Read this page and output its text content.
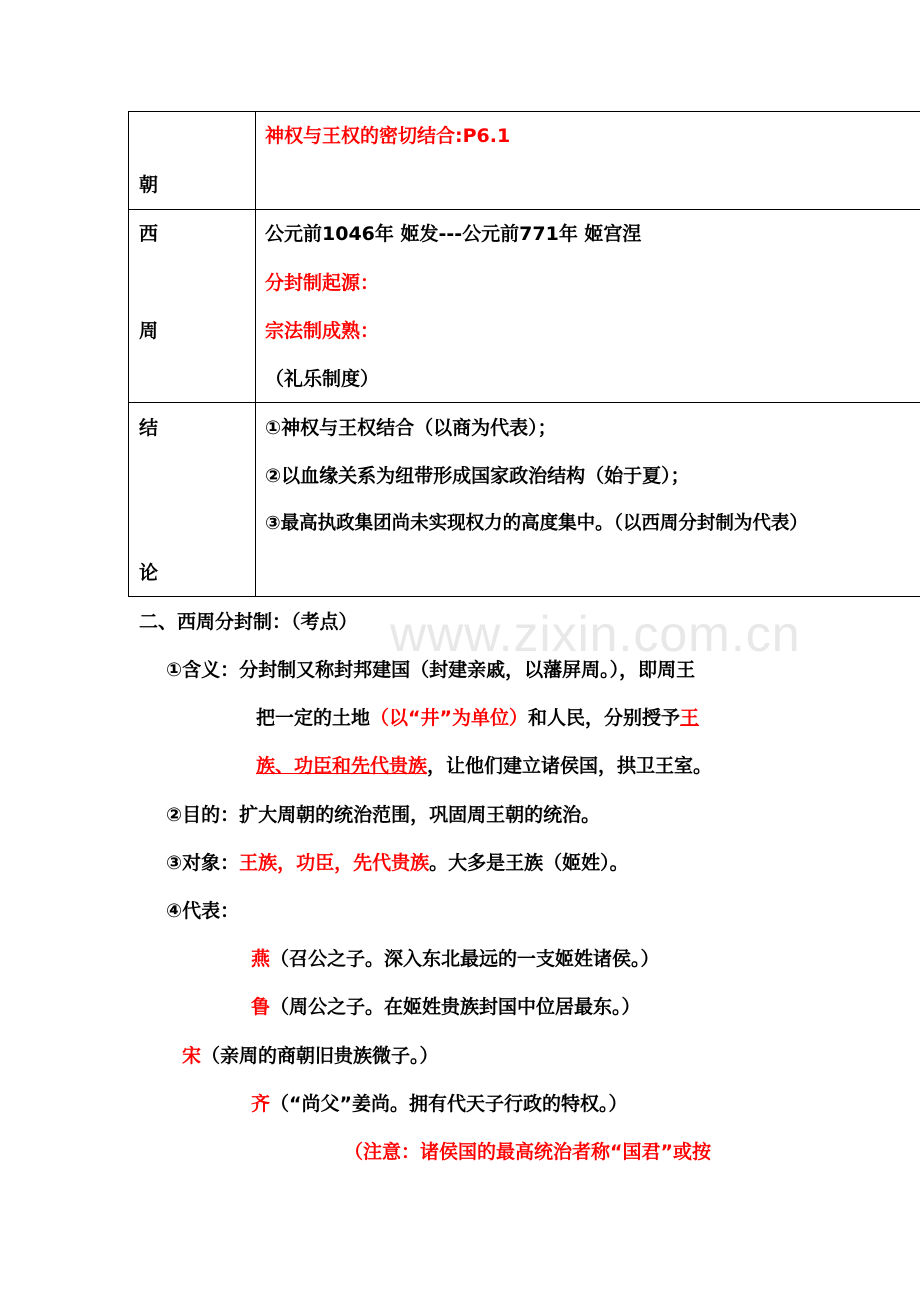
www.zixin.com.cn
朝
神权与王权的密切结合:P6.1
西
周
公元前1046年 姬发---公元前771年 姬宫涅
分封制起源：
宗法制成熟：
（礼乐制度）
结
论
①神权与王权结合（以商为代表）；
②以血缘关系为纽带形成国家政治结构（始于夏）；
③最高执政集团尚未实现权力的高度集中。（以西周分封制为代表）
二、西周分封制：（考点）
①含义：分封制又称封邦建国（封建亲戚，以藩屏周。），即周王
把一定的土地（以“井”为单位）和人民，分别授予王
族、功臣和先代贵族，让他们建立诸侯国，拱卫王室。
②目的：扩大周朝的统治范围，巩固周王朝的统治。
③对象：王族，功臣，先代贵族。大多是王族（姬姓）。
④代表：
燕（召公之子。深入东北最远的一支姬姓诸侯。）
鲁（周公之子。在姬姓贵族封国中位居最东。）
宋（亲周的商朝旧贵族微子。）
齐（“尚父”姜尚。拥有代天子行政的特权。）
（注意：诸侯国的最高统治者称“国君”或按
